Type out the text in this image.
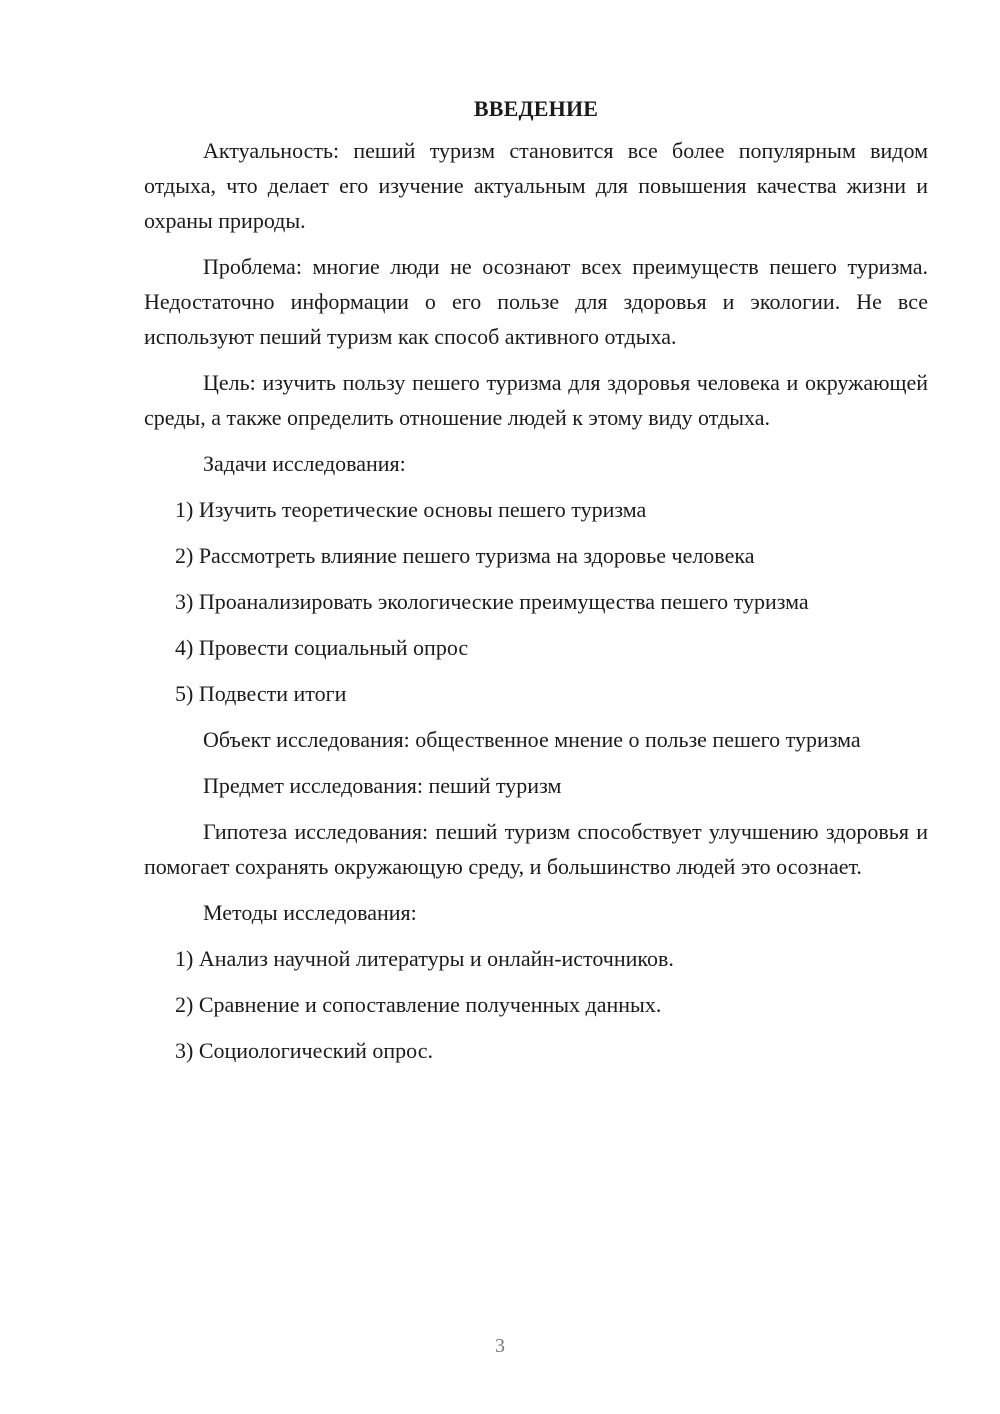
ВВЕДЕНИЕ

Актуальность: пеший туризм становится все более популярным видом отдыха, что делает его изучение актуальным для повышения качества жизни и охраны природы.

Проблема: многие люди не осознают всех преимуществ пешего туризма. Недостаточно информации о его пользе для здоровья и экологии. Не все используют пеший туризм как способ активного отдыха.

Цель: изучить пользу пешего туризма для здоровья человека и окружающей среды, а также определить отношение людей к этому виду отдыха.

Задачи исследования:
1) Изучить теоретические основы пешего туризма
2) Рассмотреть влияние пешего туризма на здоровье человека
3) Проанализировать экологические преимущества пешего туризма
4) Провести социальный опрос
5) Подвести итоги

Объект исследования: общественное мнение о пользе пешего туризма

Предмет исследования: пеший туризм

Гипотеза исследования: пеший туризм способствует улучшению здоровья и помогает сохранять окружающую среду, и большинство людей это осознает.

Методы исследования:
1) Анализ научной литературы и онлайн-источников.
2) Сравнение и сопоставление полученных данных.
3) Социологический опрос.
3
